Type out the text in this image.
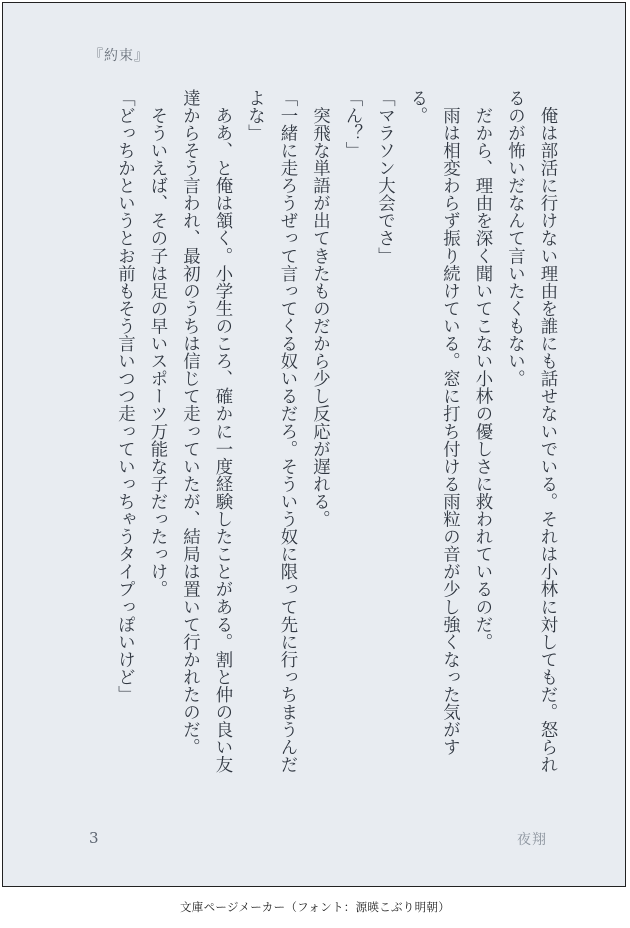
『約束』

　俺は部活に行けない理由を誰にも話せないでいる。それは小林に対してもだ。怒られるのが怖いだなんて言いたくもない。

　だから、理由を深く聞いてこない小林の優しさに救われているのだ。

　雨は相変わらず振り続けている。窓に打ち付ける雨粒の音が少し強くなった気がする。

「マラソン大会でさ」

「ん？」

　突飛な単語が出てきたものだから少し反応が遅れる。

「一緒に走ろうぜって言ってくる奴いるだろ。そういう奴に限って先に行っちまうんだよな」

　ああ、と俺は頷く。小学生のころ、確かに一度経験したことがある。割と仲の良い友達からそう言われ、最初のうちは信じて走っていたが、結局は置いて行かれたのだ。

　そういえば、その子は足の早いスポーツ万能な子だったっけ。

「どっちかというとお前もそう言いつつ走っていっちゃうタイプっぽいけど」

3	夜翔
文庫ページメーカー（フォント：源暎こぶり明朝）
